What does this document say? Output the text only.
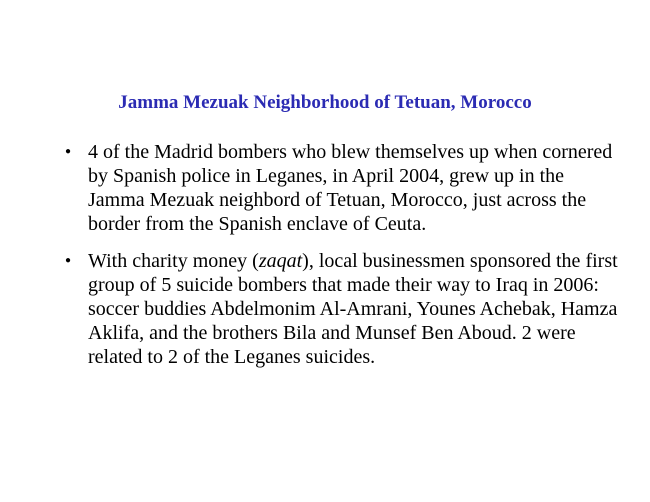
Jamma Mezuak Neighborhood of Tetuan, Morocco
● 4 of the Madrid bombers who blew themselves up when cornered by Spanish police in Leganes, in April 2004, grew up in the Jamma Mezuak neighbord of Tetuan, Morocco, just across the border from the Spanish enclave of Ceuta.
● With charity money (zaqat), local businessmen sponsored the first group of 5 suicide bombers that made their way to Iraq in 2006: soccer buddies Abdelmonim Al-Amrani, Younes Achebak, Hamza Aklifa, and the brothers Bila and Munsef Ben Aboud. 2 were related to 2 of the Leganes suicides.
